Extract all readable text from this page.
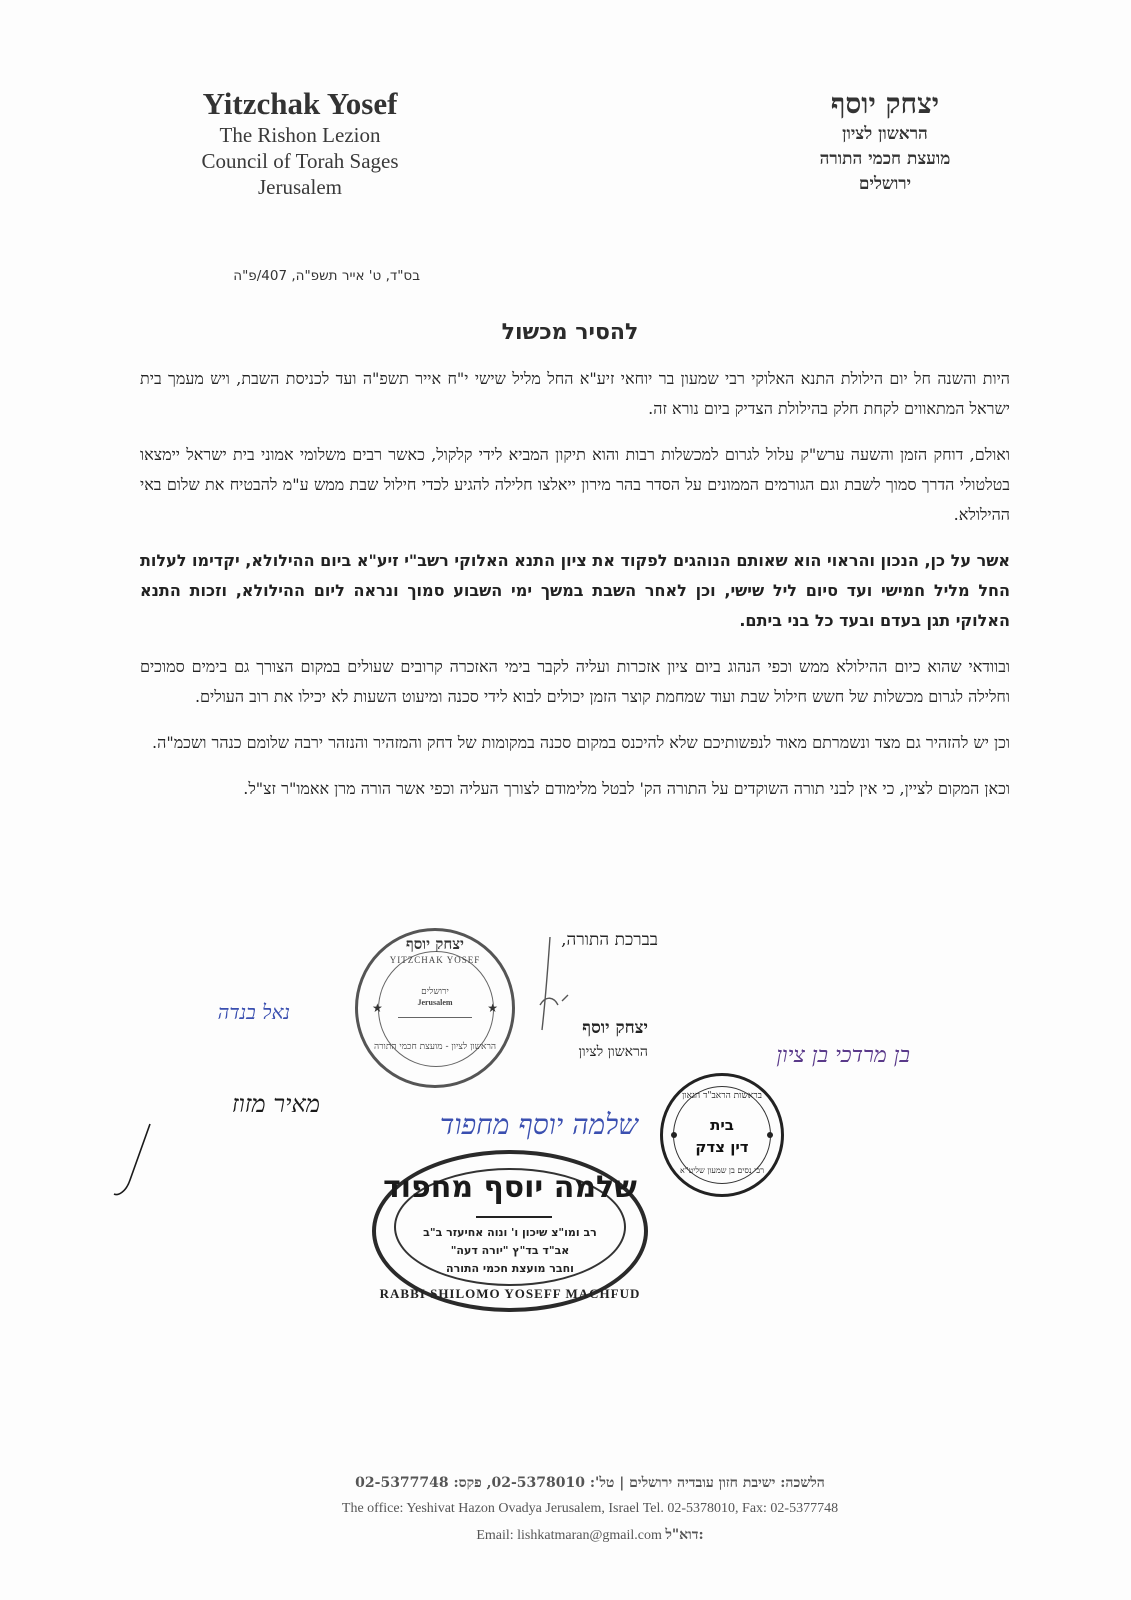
Yitzchak Yosef
The Rishon Lezion
Council of Torah Sages
Jerusalem
יצחק יוסף
הראשון לציון
מועצת חכמי התורה
ירושלים
בס"ד, ט' אייר תשפ"ה, 407/פ"ה
להסיר מכשול

היות והשנה חל יום הילולת התנא האלוקי רבי שמעון בר יוחאי זיע"א החל מליל שישי י"ח אייר תשפ"ה ועד לכניסת השבת, ויש מעמך בית ישראל המתאווים לקחת חלק בהילולת הצדיק ביום נורא זה.

ואולם, דוחק הזמן והשעה ערש"ק עלול לגרום למכשלות רבות והוא תיקון המביא לידי קלקול, כאשר רבים משלומי אמוני בית ישראל יימצאו בטלטולי הדרך סמוך לשבת וגם הגורמים הממונים על הסדר בהר מירון ייאלצו חלילה להגיע לכדי חילול שבת ממש ע"מ להבטיח את שלום באי ההילולא.

אשר על כן, הנכון והראוי הוא שאותם הנוהגים לפקוד את ציון התנא האלוקי רשב"י זיע"א ביום ההילולא, יקדימו לעלות החל מליל חמישי ועד סיום ליל שישי, וכן לאחר השבת במשך ימי השבוע סמוך ונראה ליום ההילולא, וזכות התנא האלוקי תגן בעדם ובעד כל בני ביתם.

ובוודאי שהוא כיום ההילולא ממש וכפי הנהוג ביום ציון אזכרות ועליה לקבר בימי האזכרה קרובים שעולים במקום הצורך גם בימים סמוכים וחלילה לגרום מכשלות של חשש חילול שבת ועוד שמחמת קוצר הזמן יכולים לבוא לידי סכנה ומיעוט השעות לא יכילו את רוב העולים.

וכן יש להזהיר גם מצד ונשמרתם מאוד לנפשותיכם שלא להיכנס במקום סכנה במקומות של דחק והמזהיר והנזהר ירבה שלומם כנהר ושכמ"ה.

וכאן המקום לציין, כי אין לבני תורה השוקדים על התורה הק' לבטל מלימודם לצורך העליה וכפי אשר הורה מרן אאמו"ר זצ"ל.

בברכת התורה,
יצחק יוסף
הראשון לציון
יצחק יוסף
YITZCHAK YOSEF
★	★
ירושלים
Jerusalem
הראשון לציון - מועצת חכמי התורה
נאל בנדה
מאיר מזוז
בן מרדכי בן ציון
שלמה יוסף מחפוד
בראשות הראב"ד הגאון
בית
דין צדק
רבי נסים בן שמעון שליט"א
שלמה יוסף מחפוד
רב ומו"צ שיכון ו' ונוה אחיעזר ב"ב
אב"ד בד"ץ "יורה דעה"
וחבר מועצת חכמי התורה
RABBI SHILOMO YOSEFF MACHFUD
הלשכה: ישיבת חזון עובדיה ירושלים | טל': 02-5378010, פקס: 02-5377748
The office: Yeshivat Hazon Ovadya Jerusalem, Israel Tel. 02-5378010, Fax: 02-5377748
Email: lishkatmaran@gmail.com דוא"ל:
